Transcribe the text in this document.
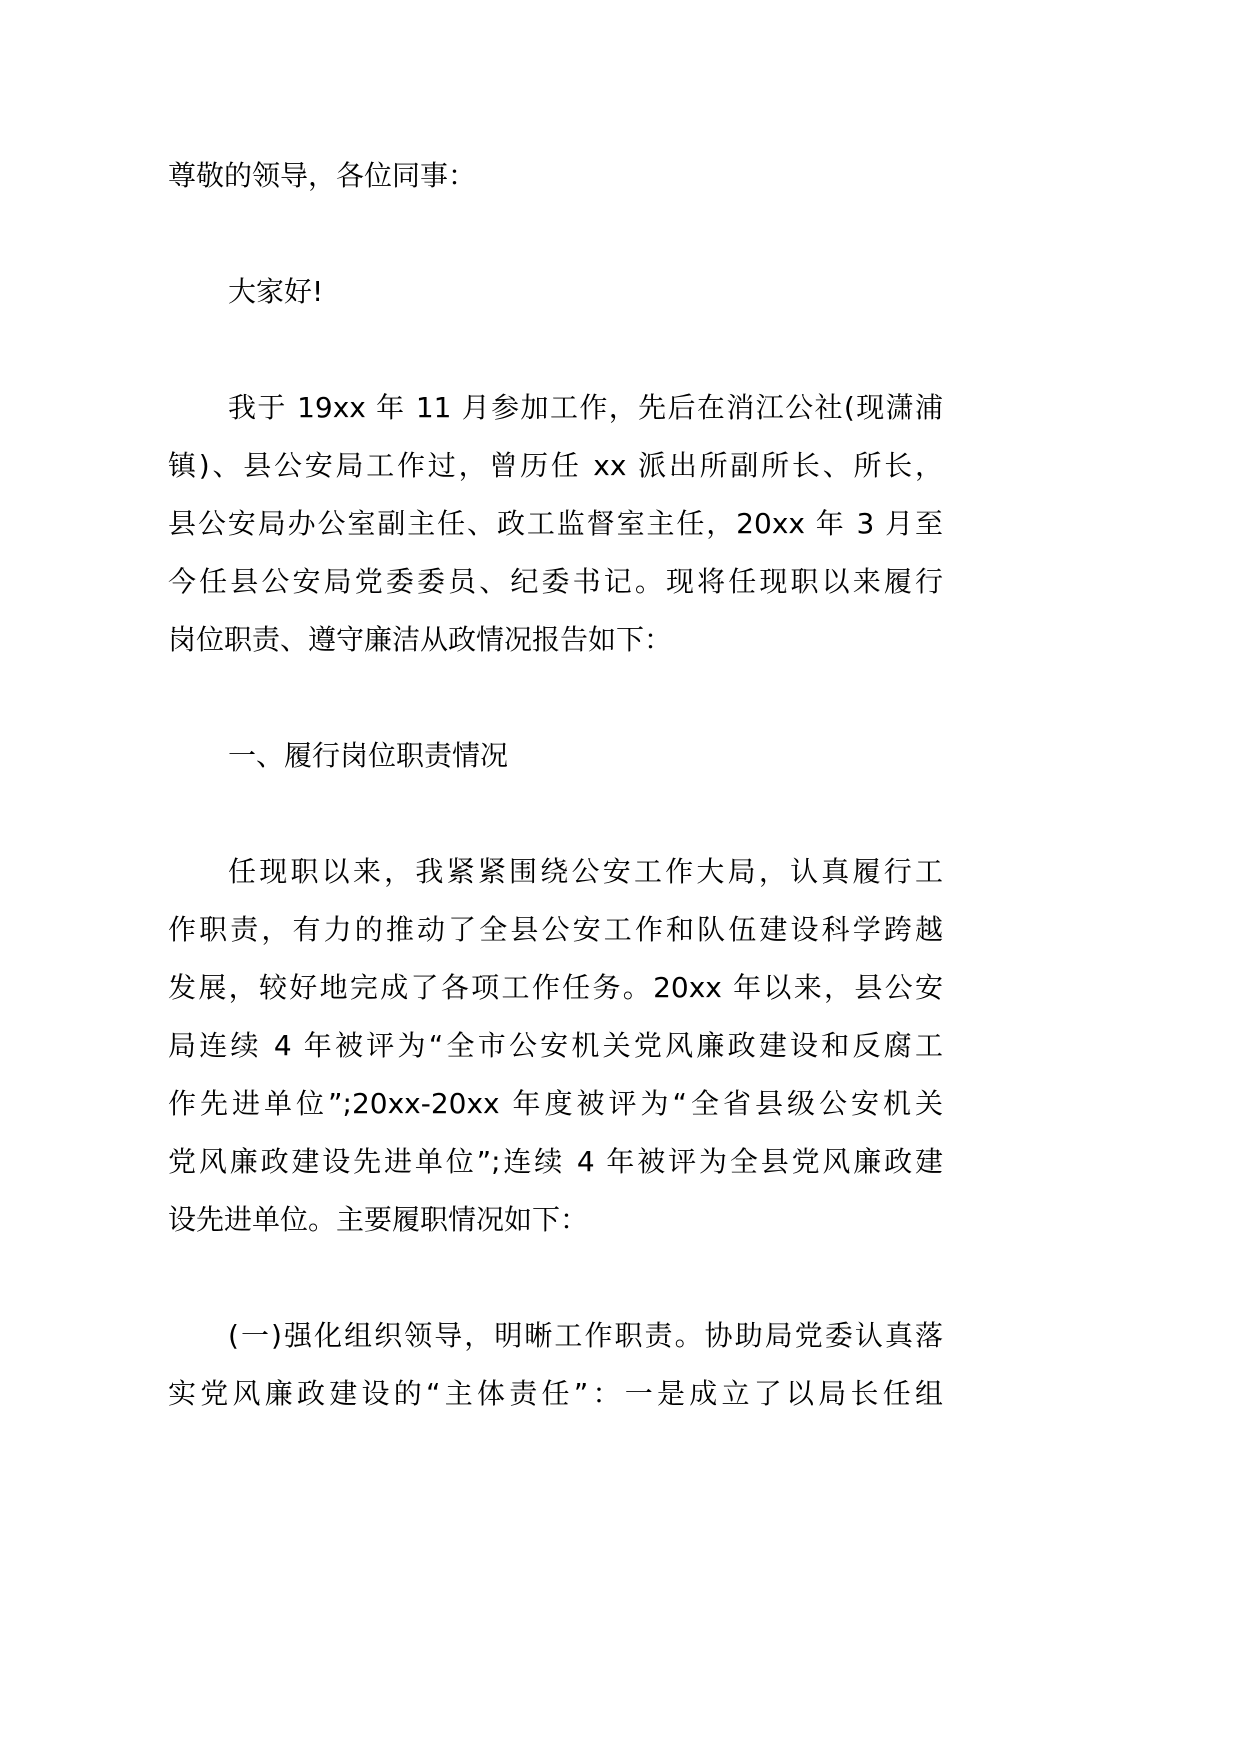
尊敬的领导，各位同事：
大家好!
我于 19xx 年 11 月参加工作，先后在消江公社(现潇浦
镇)、县公安局工作过，曾历任 xx 派出所副所长、所长，
县公安局办公室副主任、政工监督室主任，20xx 年 3 月至
今任县公安局党委委员、纪委书记。现将任现职以来履行
岗位职责、遵守廉洁从政情况报告如下：
一、履行岗位职责情况
任现职以来，我紧紧围绕公安工作大局，认真履行工
作职责，有力的推动了全县公安工作和队伍建设科学跨越
发展，较好地完成了各项工作任务。20xx 年以来，县公安
局连续 4 年被评为“全市公安机关党风廉政建设和反腐工
作先进单位”;20xx-20xx 年度被评为“全省县级公安机关
党风廉政建设先进单位”;连续 4 年被评为全县党风廉政建
设先进单位。主要履职情况如下：
(一)强化组织领导，明晰工作职责。协助局党委认真落
实党风廉政建设的“主体责任”：一是成立了以局长任组
